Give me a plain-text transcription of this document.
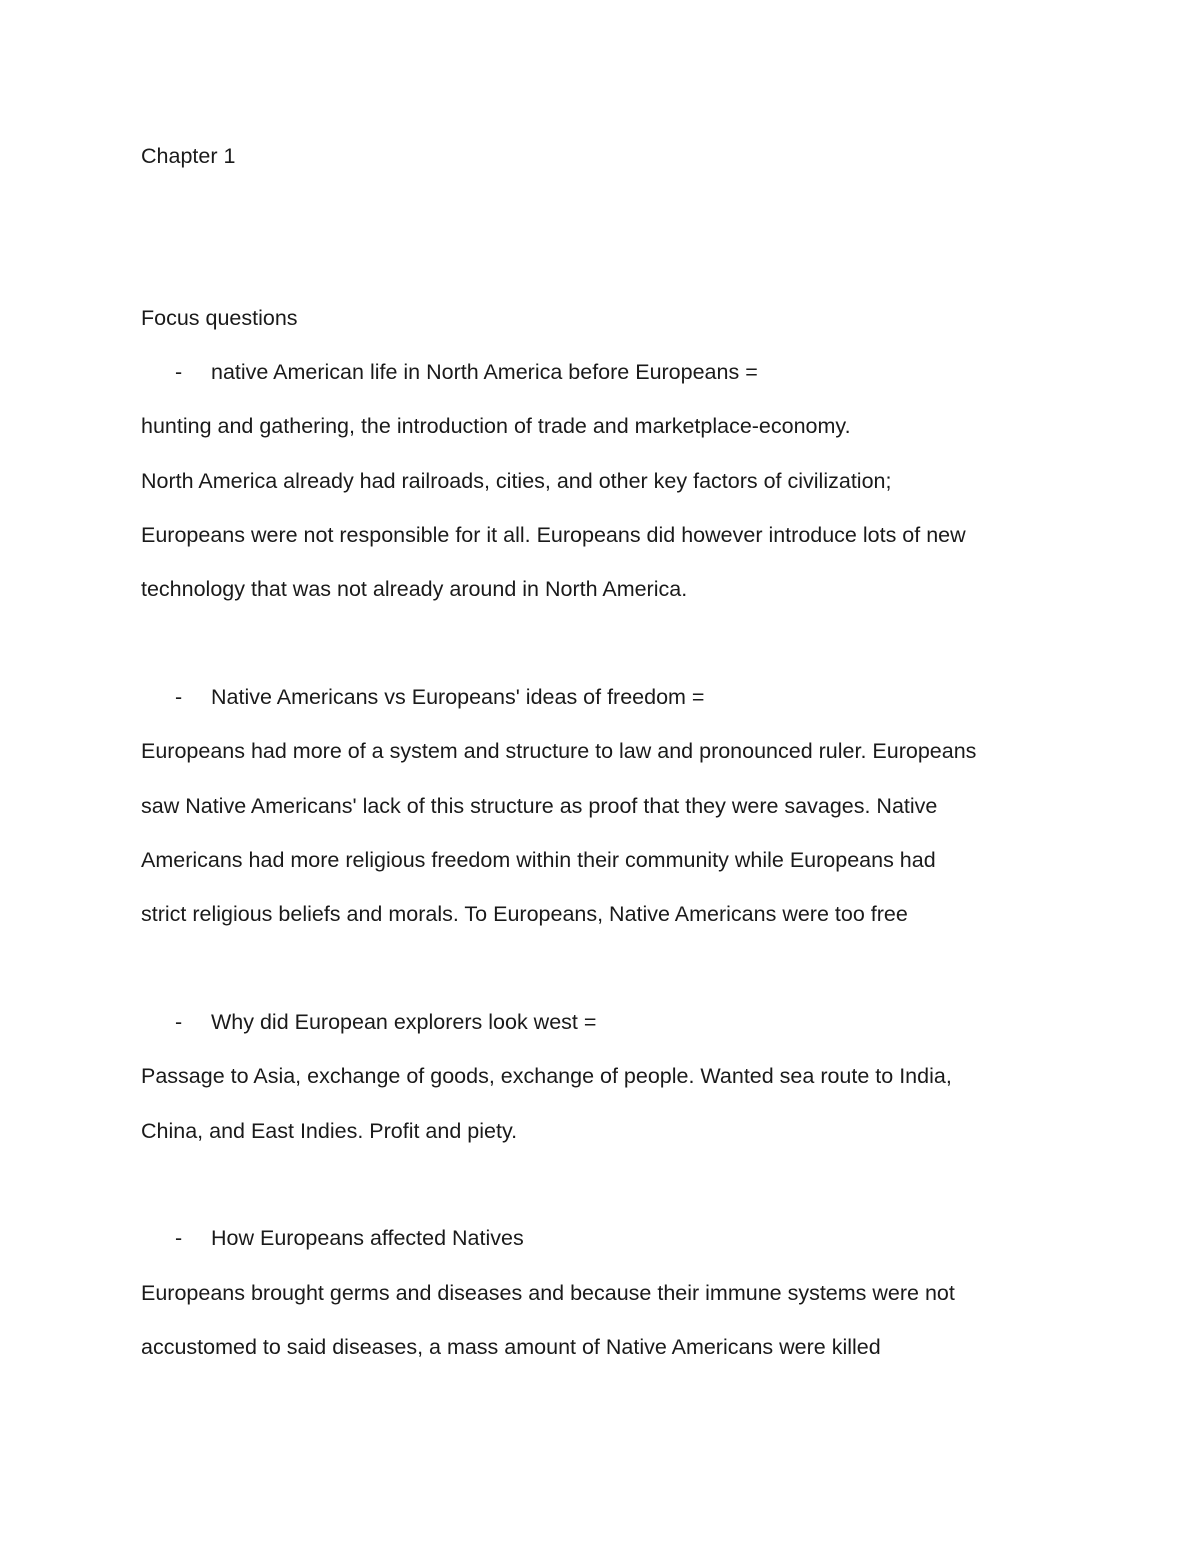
Chapter 1
Focus questions
- native American life in North America before Europeans =
hunting and gathering, the introduction of trade and marketplace-economy.
North America already had railroads, cities, and other key factors of civilization;
Europeans were not responsible for it all. Europeans did however introduce lots of new
technology that was not already around in North America.
- Native Americans vs Europeans' ideas of freedom =
Europeans had more of a system and structure to law and pronounced ruler. Europeans
saw Native Americans' lack of this structure as proof that they were savages. Native
Americans had more religious freedom within their community while Europeans had
strict religious beliefs and morals. To Europeans, Native Americans were too free
- Why did European explorers look west =
Passage to Asia, exchange of goods, exchange of people. Wanted sea route to India,
China, and East Indies. Profit and piety.
- How Europeans affected Natives
Europeans brought germs and diseases and because their immune systems were not
accustomed to said diseases, a mass amount of Native Americans were killed
